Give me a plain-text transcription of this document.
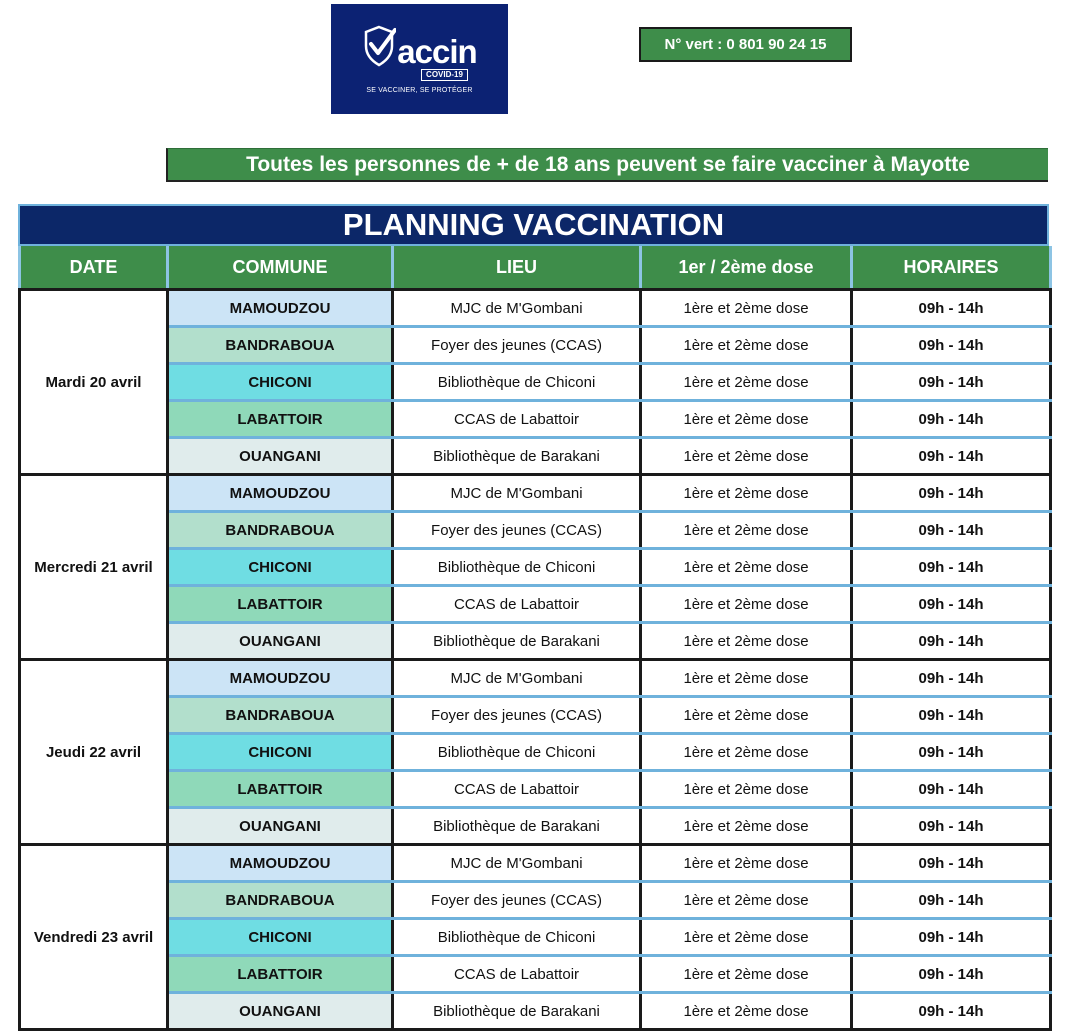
accin
COVID-19
SE VACCINER, SE PROTÉGER
N° vert : 0 801 90 24 15
Toutes les personnes de + de 18 ans peuvent se faire vacciner à Mayotte
PLANNING VACCINATION
DATE	COMMUNE	LIEU	1er / 2ème dose	HORAIRES
Mardi 20 avril	MAMOUDZOU	MJC de M'Gombani	1ère et 2ème dose	09h - 14h
	BANDRABOUA	Foyer des jeunes (CCAS)	1ère et 2ème dose	09h - 14h
	CHICONI	Bibliothèque de Chiconi	1ère et 2ème dose	09h - 14h
	LABATTOIR	CCAS de Labattoir	1ère et 2ème dose	09h - 14h
	OUANGANI	Bibliothèque de Barakani	1ère et 2ème dose	09h - 14h
Mercredi 21 avril	MAMOUDZOU	MJC de M'Gombani	1ère et 2ème dose	09h - 14h
	BANDRABOUA	Foyer des jeunes (CCAS)	1ère et 2ème dose	09h - 14h
	CHICONI	Bibliothèque de Chiconi	1ère et 2ème dose	09h - 14h
	LABATTOIR	CCAS de Labattoir	1ère et 2ème dose	09h - 14h
	OUANGANI	Bibliothèque de Barakani	1ère et 2ème dose	09h - 14h
Jeudi 22 avril	MAMOUDZOU	MJC de M'Gombani	1ère et 2ème dose	09h - 14h
	BANDRABOUA	Foyer des jeunes (CCAS)	1ère et 2ème dose	09h - 14h
	CHICONI	Bibliothèque de Chiconi	1ère et 2ème dose	09h - 14h
	LABATTOIR	CCAS de Labattoir	1ère et 2ème dose	09h - 14h
	OUANGANI	Bibliothèque de Barakani	1ère et 2ème dose	09h - 14h
Vendredi 23 avril	MAMOUDZOU	MJC de M'Gombani	1ère et 2ème dose	09h - 14h
	BANDRABOUA	Foyer des jeunes (CCAS)	1ère et 2ème dose	09h - 14h
	CHICONI	Bibliothèque de Chiconi	1ère et 2ème dose	09h - 14h
	LABATTOIR	CCAS de Labattoir	1ère et 2ème dose	09h - 14h
	OUANGANI	Bibliothèque de Barakani	1ère et 2ème dose	09h - 14h
